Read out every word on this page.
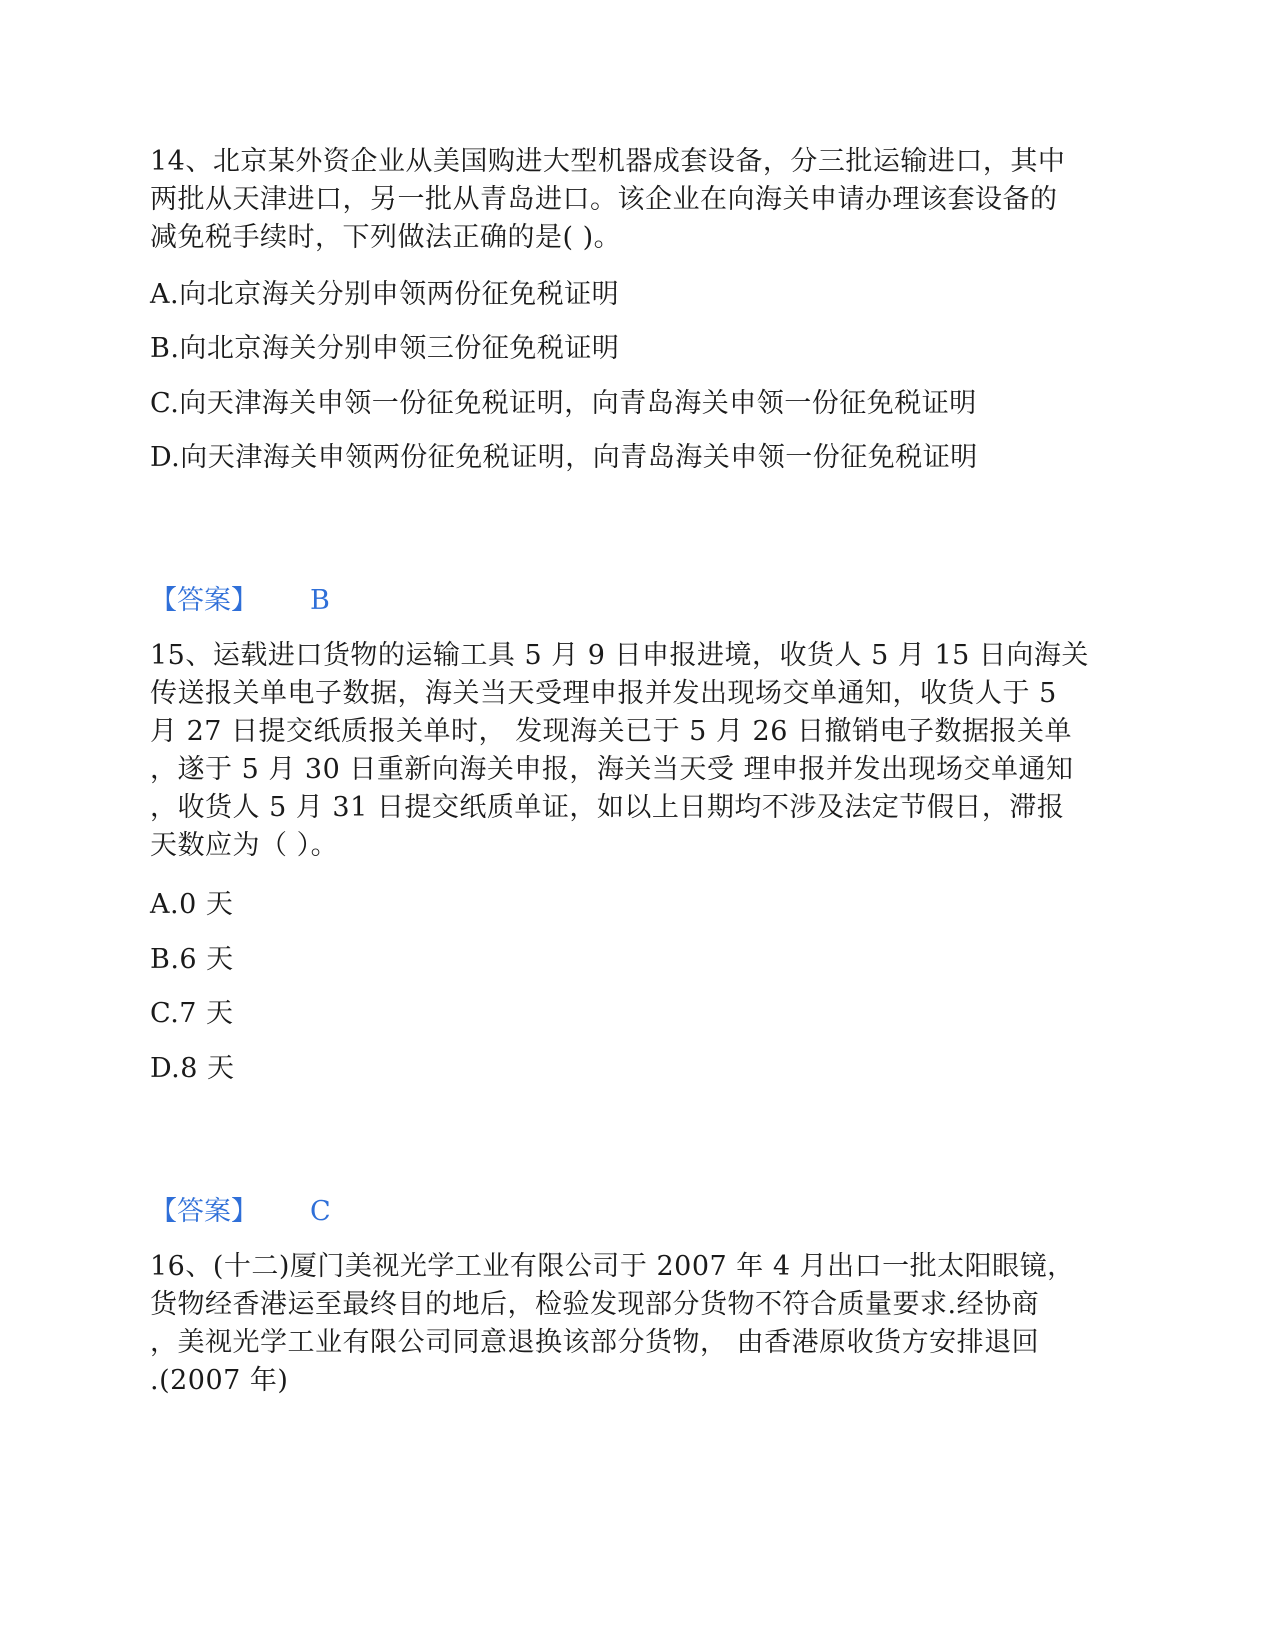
14、北京某外资企业从美国购进大型机器成套设备，分三批运输进口，其中
两批从天津进口，另一批从青岛进口。该企业在向海关申请办理该套设备的
减免税手续时，下列做法正确的是( )。
A.向北京海关分别申领两份征免税证明
B.向北京海关分别申领三份征免税证明
C.向天津海关申领一份征免税证明，向青岛海关申领一份征免税证明
D.向天津海关申领两份征免税证明，向青岛海关申领一份征免税证明
【答案】 B
15、运载进口货物的运输工具 5 月 9 日申报进境，收货人 5 月 15 日向海关
传送报关单电子数据，海关当天受理申报并发出现场交单通知，收货人于 5
月 27 日提交纸质报关单时， 发现海关已于 5 月 26 日撤销电子数据报关单
，遂于 5 月 30 日重新向海关申报，海关当天受 理申报并发出现场交单通知
，收货人 5 月 31 日提交纸质单证，如以上日期均不涉及法定节假日，滞报
天数应为（ ）。
A.0 天
B.6 天
C.7 天
D.8 天
【答案】 C
16、(十二)厦门美视光学工业有限公司于 2007 年 4 月出口一批太阳眼镜，
货物经香港运至最终目的地后，检验发现部分货物不符合质量要求.经协商
，美视光学工业有限公司同意退换该部分货物， 由香港原收货方安排退回
.(2007 年)
